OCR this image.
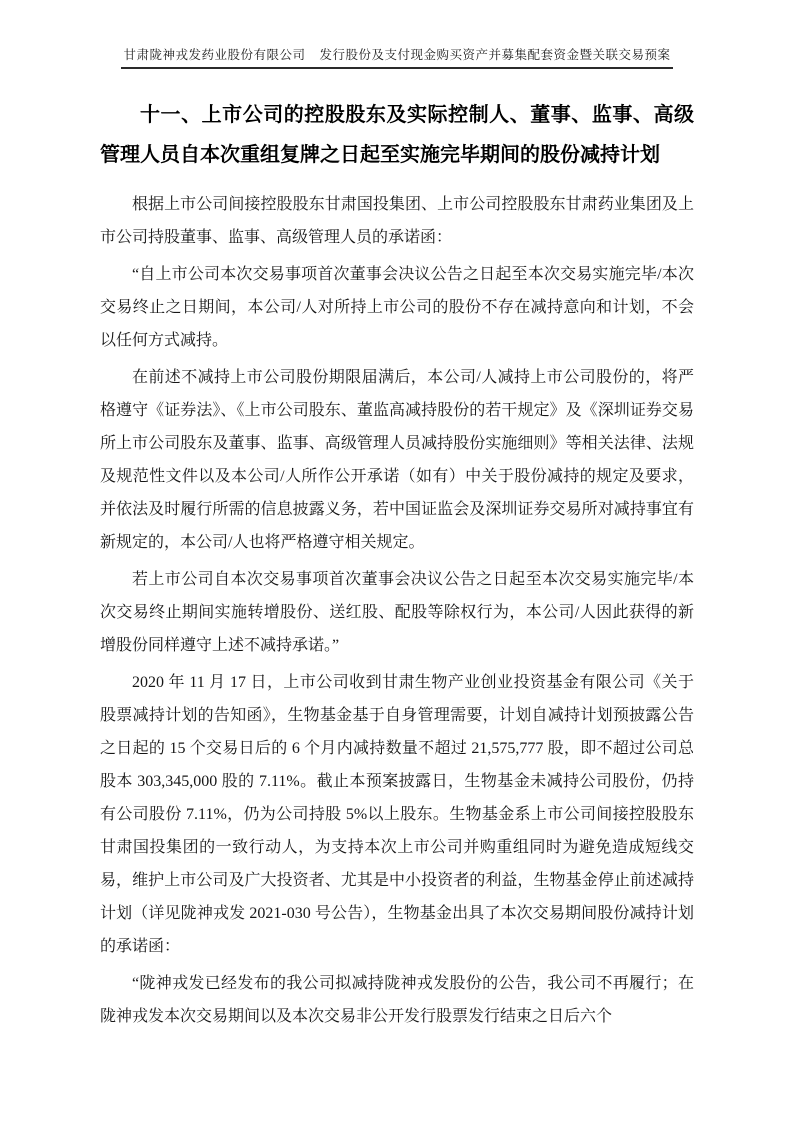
甘肃陇神戎发药业股份有限公司 发行股份及支付现金购买资产并募集配套资金暨关联交易预案
十一、上市公司的控股股东及实际控制人、董事、监事、高级管理人员自本次重组复牌之日起至实施完毕期间的股份减持计划

根据上市公司间接控股股东甘肃国投集团、上市公司控股股东甘肃药业集团及上市公司持股董事、监事、高级管理人员的承诺函：

“自上市公司本次交易事项首次董事会决议公告之日起至本次交易实施完毕/本次交易终止之日期间，本公司/人对所持上市公司的股份不存在减持意向和计划，不会以任何方式减持。

在前述不减持上市公司股份期限届满后，本公司/人减持上市公司股份的，将严格遵守《证券法》、《上市公司股东、董监高减持股份的若干规定》及《深圳证券交易所上市公司股东及董事、监事、高级管理人员减持股份实施细则》等相关法律、法规及规范性文件以及本公司/人所作公开承诺（如有）中关于股份减持的规定及要求，并依法及时履行所需的信息披露义务，若中国证监会及深圳证券交易所对减持事宜有新规定的，本公司/人也将严格遵守相关规定。

若上市公司自本次交易事项首次董事会决议公告之日起至本次交易实施完毕/本次交易终止期间实施转增股份、送红股、配股等除权行为，本公司/人因此获得的新增股份同样遵守上述不减持承诺。”

2020 年 11 月 17 日，上市公司收到甘肃生物产业创业投资基金有限公司《关于股票减持计划的告知函》，生物基金基于自身管理需要，计划自减持计划预披露公告之日起的 15 个交易日后的 6 个月内减持数量不超过 21,575,777 股，即不超过公司总股本 303,345,000 股的 7.11%。截止本预案披露日，生物基金未减持公司股份，仍持有公司股份 7.11%，仍为公司持股 5%以上股东。生物基金系上市公司间接控股股东甘肃国投集团的一致行动人，为支持本次上市公司并购重组同时为避免造成短线交易，维护上市公司及广大投资者、尤其是中小投资者的利益，生物基金停止前述减持计划（详见陇神戎发 2021-030 号公告），生物基金出具了本次交易期间股份减持计划的承诺函：

“陇神戎发已经发布的我公司拟减持陇神戎发股份的公告，我公司不再履行；在陇神戎发本次交易期间以及本次交易非公开发行股票发行结束之日后六个
